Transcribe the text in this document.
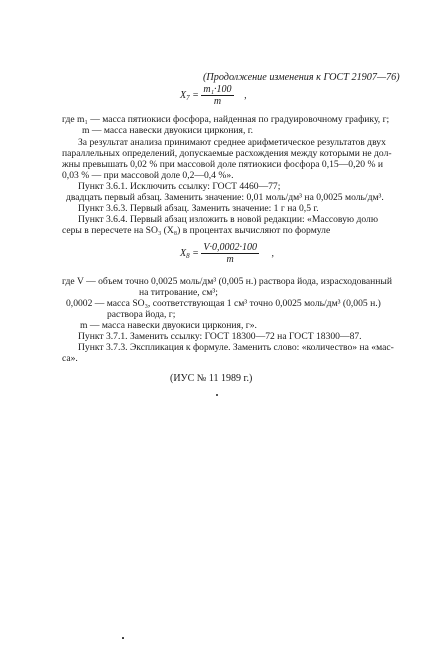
(Продолжение изменения к ГОСТ 21907—76)
$X_7 = \frac{\text{m₁·100}}{m}$ ,
где m₁ — масса пятиокиси фосфора, найденная по градуировочному графику, г;
m — масса навески двуокиси циркония, г.
За результат анализа принимают среднее арифметическое результатов двух
параллельных определений, допускаемые расхождения между которыми не дол-
жны превышать 0,02 % при массовой доле пятиокиси фосфора 0,15—0,20 % и
0,03 % — при массовой доле 0,2—0,4 %».
Пункт 3.6.1. Исключить ссылку: ГОСТ 4460—77;
двадцать первый абзац. Заменить значение: 0,01 моль/дм³ на 0,0025 моль/дм³.
Пункт 3.6.3. Первый абзац. Заменить значение: 1 г на 0,5 г.
Пункт 3.6.4. Первый абзац изложить в новой редакции: «Массовую долю
серы в пересчете на SO₃ (X₈) в процентах вычисляют по формуле
$X_8 = \frac{V\cdot 0,0002\cdot 100}{m}$ ,
где V — объем точно 0,0025 моль/дм³ (0,005 н.) раствора йода, израсходованный
на титрование, см³;
0,0002 — масса SO₃, соответствующая 1 см³ точно 0,0025 моль/дм³ (0,005 н.)
раствора йода, г;
m — масса навески двуокиси циркония, г».
Пункт 3.7.1. Заменить ссылку: ГОСТ 18300—72 на ГОСТ 18300—87.
Пункт 3.7.3. Экспликация к формуле. Заменить слово: «количество» на «мас-
са».
(ИУС № 11 1989 г.)
